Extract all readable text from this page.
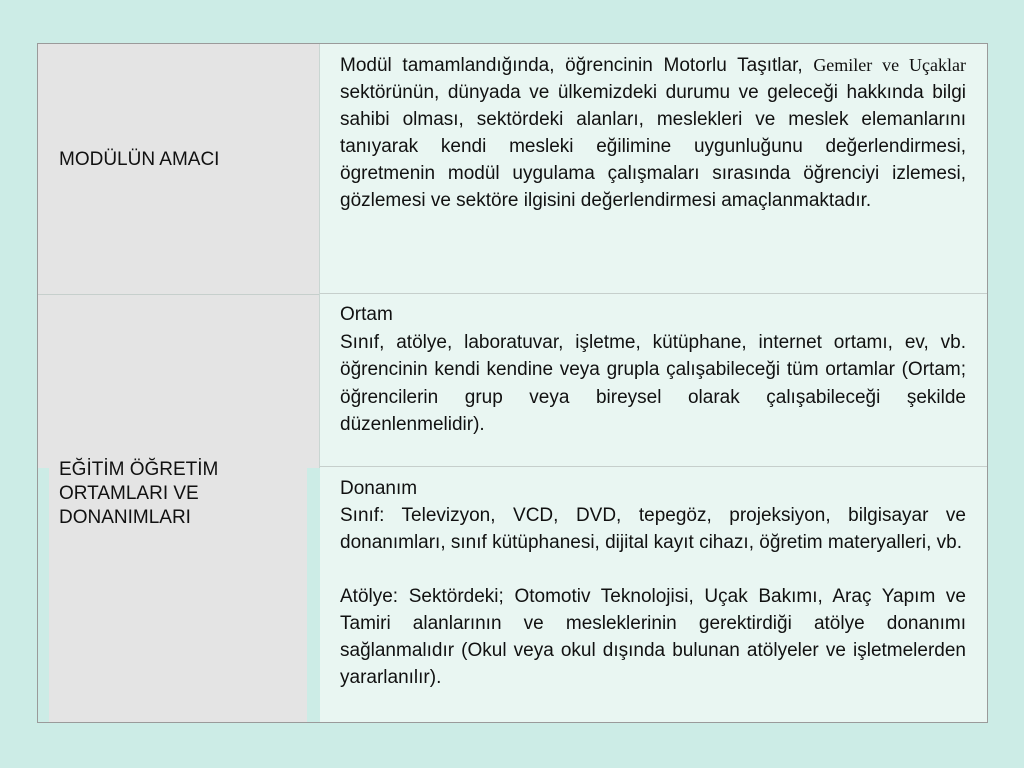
MODÜLÜN AMACI
EĞİTİM ÖĞRETİM ORTAMLARI VE DONANIMLARI
Modül tamamlandığında, öğrencinin Motorlu Taşıtlar, Gemiler ve Uçaklar sektörünün, dünyada ve ülkemizdeki durumu ve geleceği hakkında bilgi sahibi olması, sektördeki alanları, meslekleri ve meslek elemanlarını tanıyarak kendi mesleki eğilimine uygunluğunu değerlendirmesi, ögretmenin modül uygulama çalışmaları sırasında öğrenciyi izlemesi, gözlemesi ve sektöre ilgisini değerlendirmesi amaçlanmaktadır.
Ortam
Sınıf, atölye, laboratuvar, işletme, kütüphane, internet ortamı, ev, vb. öğrencinin kendi kendine veya grupla çalışabileceği tüm ortamlar (Ortam; öğrencilerin grup veya bireysel olarak çalışabileceği şekilde düzenlenmelidir).
Donanım
Sınıf: Televizyon, VCD, DVD, tepegöz, projeksiyon, bilgisayar ve donanımları, sınıf kütüphanesi, dijital kayıt cihazı, öğretim materyalleri, vb.
Atölye: Sektördeki; Otomotiv Teknolojisi, Uçak Bakımı, Araç Yapım ve Tamiri alanlarının ve mesleklerinin gerektirdiği atölye donanımı sağlanmalıdır (Okul veya okul dışında bulunan atölyeler ve işletmelerden yararlanılır).
